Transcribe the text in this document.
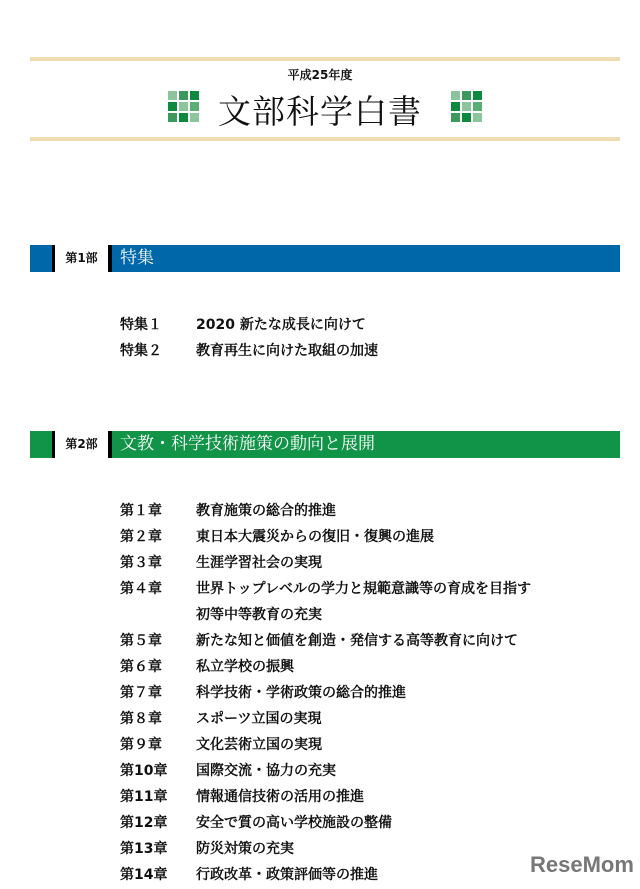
平成25年度
文部科学白書
第1部	特集
特集１ 2020 新たな成長に向けて
特集２ 教育再生に向けた取組の加速
第2部	文教・科学技術施策の動向と展開
第１章 教育施策の総合的推進
第２章 東日本大震災からの復旧・復興の進展
第３章 生涯学習社会の実現
第４章 世界トップレベルの学力と規範意識等の育成を目指す
初等中等教育の充実
第５章 新たな知と価値を創造・発信する高等教育に向けて
第６章 私立学校の振興
第７章 科学技術・学術政策の総合的推進
第８章 スポーツ立国の実現
第９章 文化芸術立国の実現
第10章 国際交流・協力の充実
第11章 情報通信技術の活用の推進
第12章 安全で質の高い学校施設の整備
第13章 防災対策の充実
第14章 行政改革・政策評価等の推進	ReseMom
